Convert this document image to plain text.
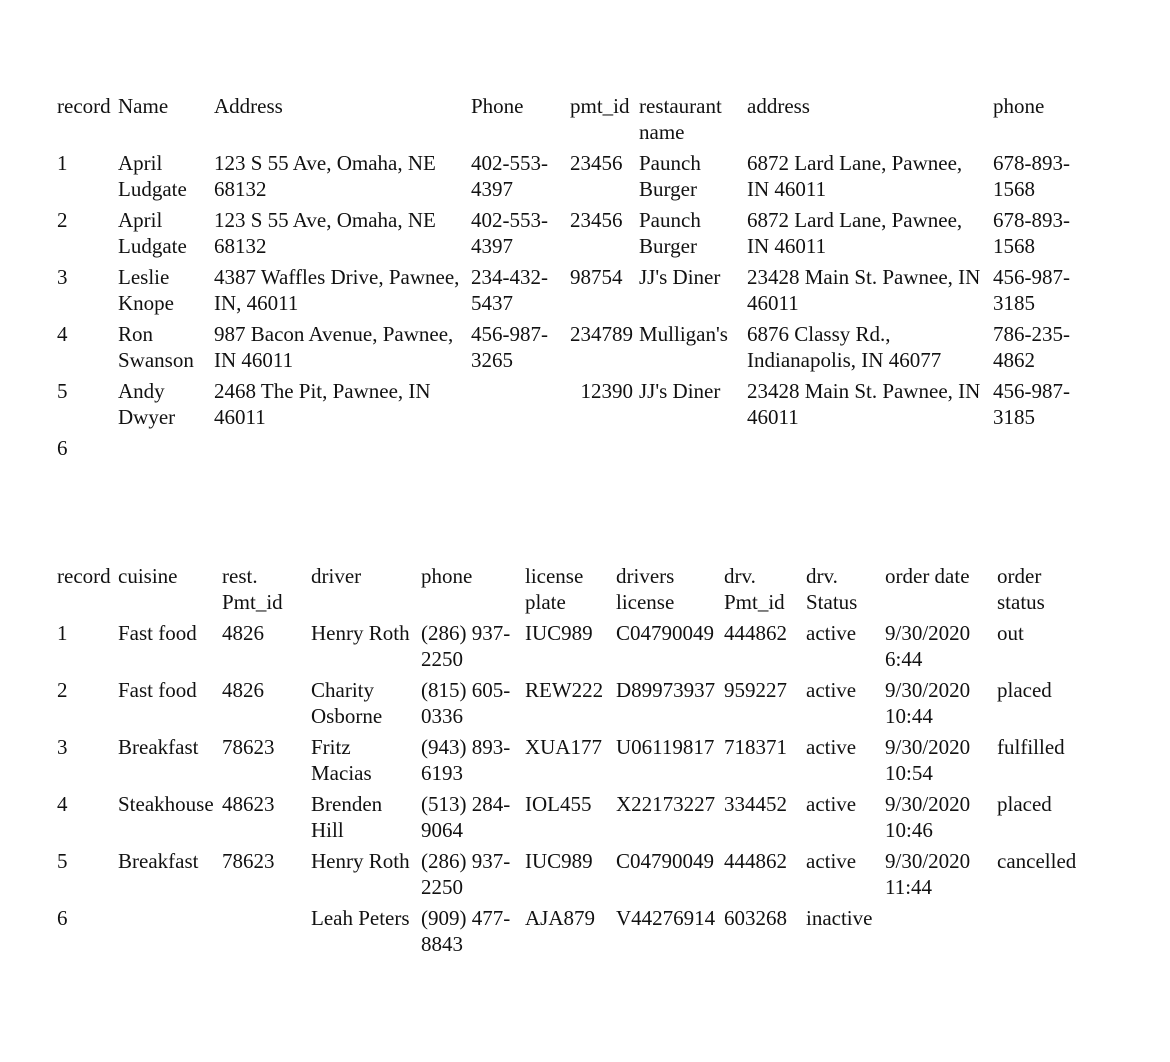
record	Name	Address	Phone	pmt_id	restaurant name	address	phone
1	April Ludgate	123 S 55 Ave, Omaha, NE 68132	402-553-4397	23456	Paunch Burger	6872 Lard Lane, Pawnee, IN 46011	678-893-1568
2	April Ludgate	123 S 55 Ave, Omaha, NE 68132	402-553-4397	23456	Paunch Burger	6872 Lard Lane, Pawnee, IN 46011	678-893-1568
3	Leslie Knope	4387 Waffles Drive, Pawnee, IN, 46011	234-432-5437	98754	JJ's Diner	23428 Main St. Pawnee, IN 46011	456-987-3185
4	Ron Swanson	987 Bacon Avenue, Pawnee, IN 46011	456-987-3265	234789	Mulligan's	6876 Classy Rd., Indianapolis, IN 46077	786-235-4862
5	Andy Dwyer	2468 The Pit, Pawnee, IN 46011		12390	JJ's Diner	23428 Main St. Pawnee, IN 46011	456-987-3185
6							
record	cuisine	rest. Pmt_id	driver	phone	license plate	drivers license	drv. Pmt_id	drv. Status	order date	order status
1	Fast food	4826	Henry Roth	(286) 937-2250	IUC989	C04790049	444862	active	9/30/2020 6:44	out
2	Fast food	4826	Charity Osborne	(815) 605-0336	REW222	D89973937	959227	active	9/30/2020 10:44	placed
3	Breakfast	78623	Fritz Macias	(943) 893-6193	XUA177	U06119817	718371	active	9/30/2020 10:54	fulfilled
4	Steakhouse	48623	Brenden Hill	(513) 284-9064	IOL455	X22173227	334452	active	9/30/2020 10:46	placed
5	Breakfast	78623	Henry Roth	(286) 937-2250	IUC989	C04790049	444862	active	9/30/2020 11:44	cancelled
6			Leah Peters	(909) 477-8843	AJA879	V44276914	603268	inactive		
